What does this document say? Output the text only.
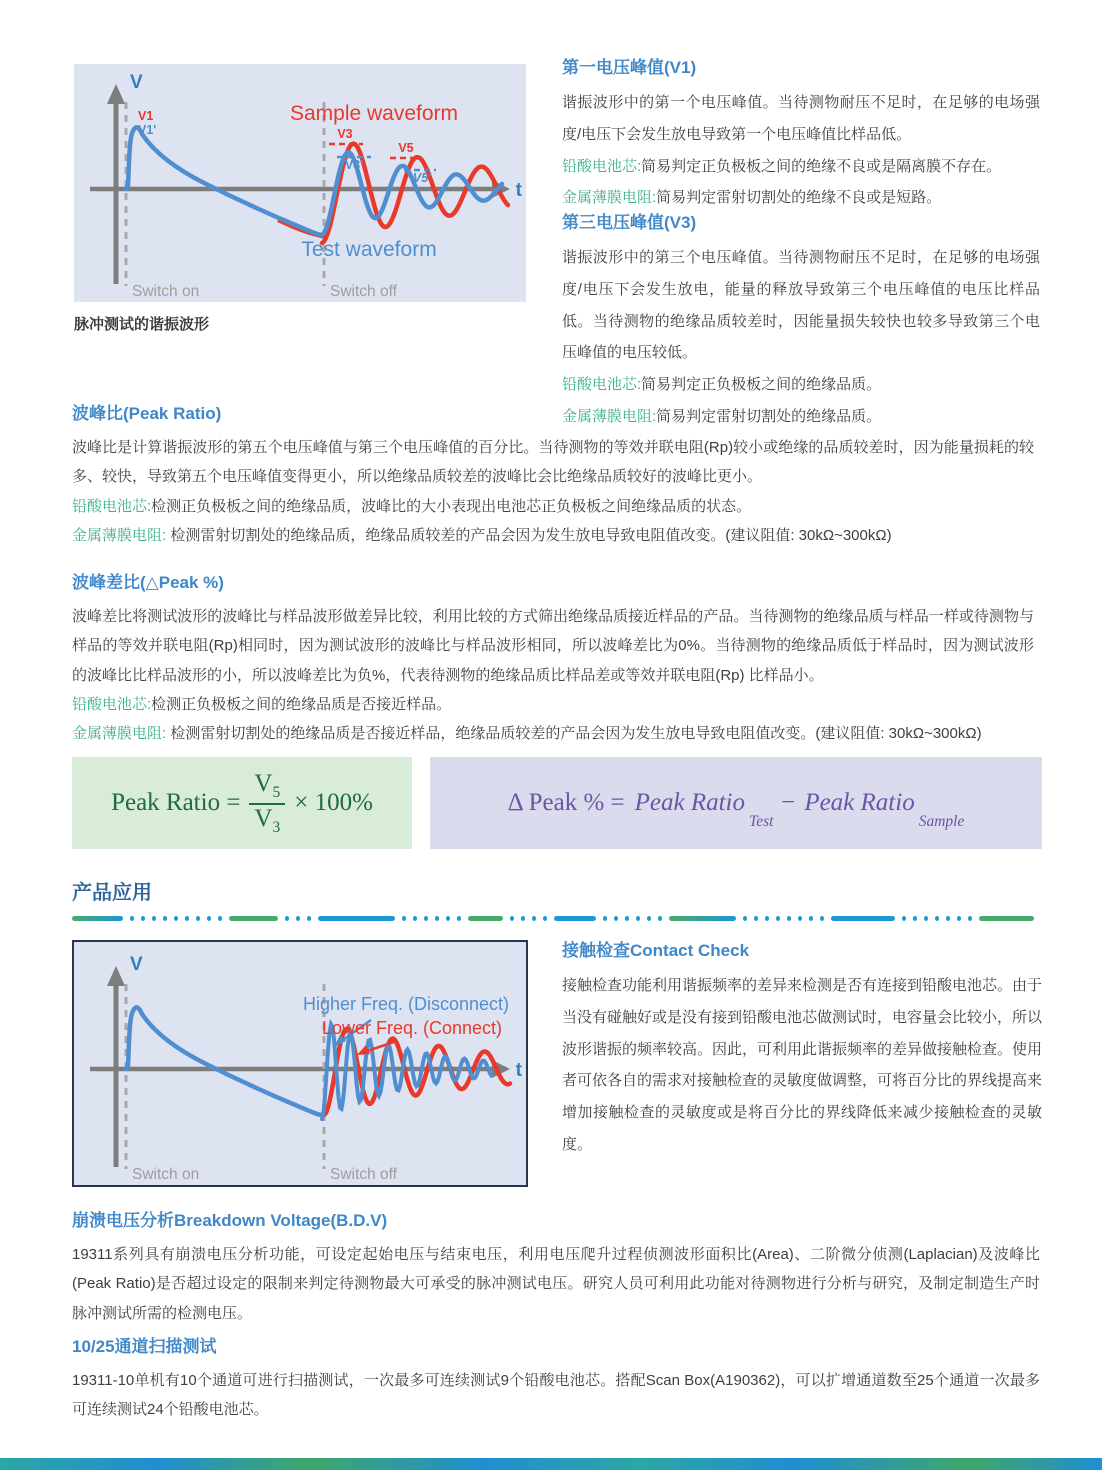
V
t
V1
V1'	V3
V3'
V5
V5'
Sample waveform
Test waveform
Switch on	Switch off
脉冲测试的谐振波形
第一电压峰值(V1)

谐振波形中的第一个电压峰值。当待测物耐压不足时，在足够的电场强度/电压下会发生放电导致第一个电压峰值比样品低。

铅酸电池芯:简易判定正负极板之间的绝缘不良或是隔离膜不存在。

金属薄膜电阻:简易判定雷射切割处的绝缘不良或是短路。

第三电压峰值(V3)

谐振波形中的第三个电压峰值。当待测物耐压不足时，在足够的电场强度/电压下会发生放电，能量的释放导致第三个电压峰值的电压比样品低。当待测物的绝缘品质较差时，因能量损失较快也较多导致第三个电压峰值的电压较低。

铅酸电池芯:简易判定正负极板之间的绝缘品质。

金属薄膜电阻:简易判定雷射切割处的绝缘品质。

波峰比(Peak Ratio)

波峰比是计算谐振波形的第五个电压峰值与第三个电压峰值的百分比。当待测物的等效并联电阻(Rp)较小或绝缘的品质较差时，因为能量损耗的较多、较快，导致第五个电压峰值变得更小，所以绝缘品质较差的波峰比会比绝缘品质较好的波峰比更小。

铅酸电池芯:检测正负极板之间的绝缘品质，波峰比的大小表现出电池芯正负极板之间绝缘品质的状态。

金属薄膜电阻: 检测雷射切割处的绝缘品质，绝缘品质较差的产品会因为发生放电导致电阻值改变。(建议阻值: 30kΩ~300kΩ)

波峰差比(△Peak %)

波峰差比将测试波形的波峰比与样品波形做差异比较，利用比较的方式筛出绝缘品质接近样品的产品。当待测物的绝缘品质与样品一样或待测物与样品的等效并联电阻(Rp)相同时，因为测试波形的波峰比与样品波形相同，所以波峰差比为0%。当待测物的绝缘品质低于样品时，因为测试波形的波峰比比样品波形的小，所以波峰差比为负%，代表待测物的绝缘品质比样品差或等效并联电阻(Rp) 比样品小。

铅酸电池芯:检测正负极板之间的绝缘品质是否接近样品。

金属薄膜电阻: 检测雷射切割处的绝缘品质是否接近样品，绝缘品质较差的产品会因为发生放电导致电阻值改变。(建议阻值: 30kΩ~300kΩ)

Peak Ratio = $\frac{V_5}{V_3} \times 100\%$	Δ Peak % = Peak Ratio
Test
− Peak Ratio
Sample
产品应用
V
t
Higher Freq. (Disconnect)
Lower Freq. (Connect)
Switch on	Switch off
接触检查Contact Check

接触检查功能利用谐振频率的差异来检测是否有连接到铅酸电池芯。由于当没有碰触好或是没有接到铅酸电池芯做测试时，电容量会比较小，所以波形谐振的频率较高。因此，可利用此谐振频率的差异做接触检查。使用者可依各自的需求对接触检查的灵敏度做调整，可将百分比的界线提高来增加接触检查的灵敏度或是将百分比的界线降低来减少接触检查的灵敏度。

崩溃电压分析Breakdown Voltage(B.D.V)

19311系列具有崩溃电压分析功能，可设定起始电压与结束电压，利用电压爬升过程侦测波形面积比(Area)、二阶微分侦测(Laplacian)及波峰比(Peak Ratio)是否超过设定的限制来判定待测物最大可承受的脉冲测试电压。研究人员可利用此功能对待测物进行分析与研究，及制定制造生产时脉冲测试所需的检测电压。

10/25通道扫描测试

19311-10单机有10个通道可进行扫描测试，一次最多可连续测试9个铅酸电池芯。搭配Scan Box(A190362)，可以扩增通道数至25个通道一次最多可连续测试24个铅酸电池芯。
